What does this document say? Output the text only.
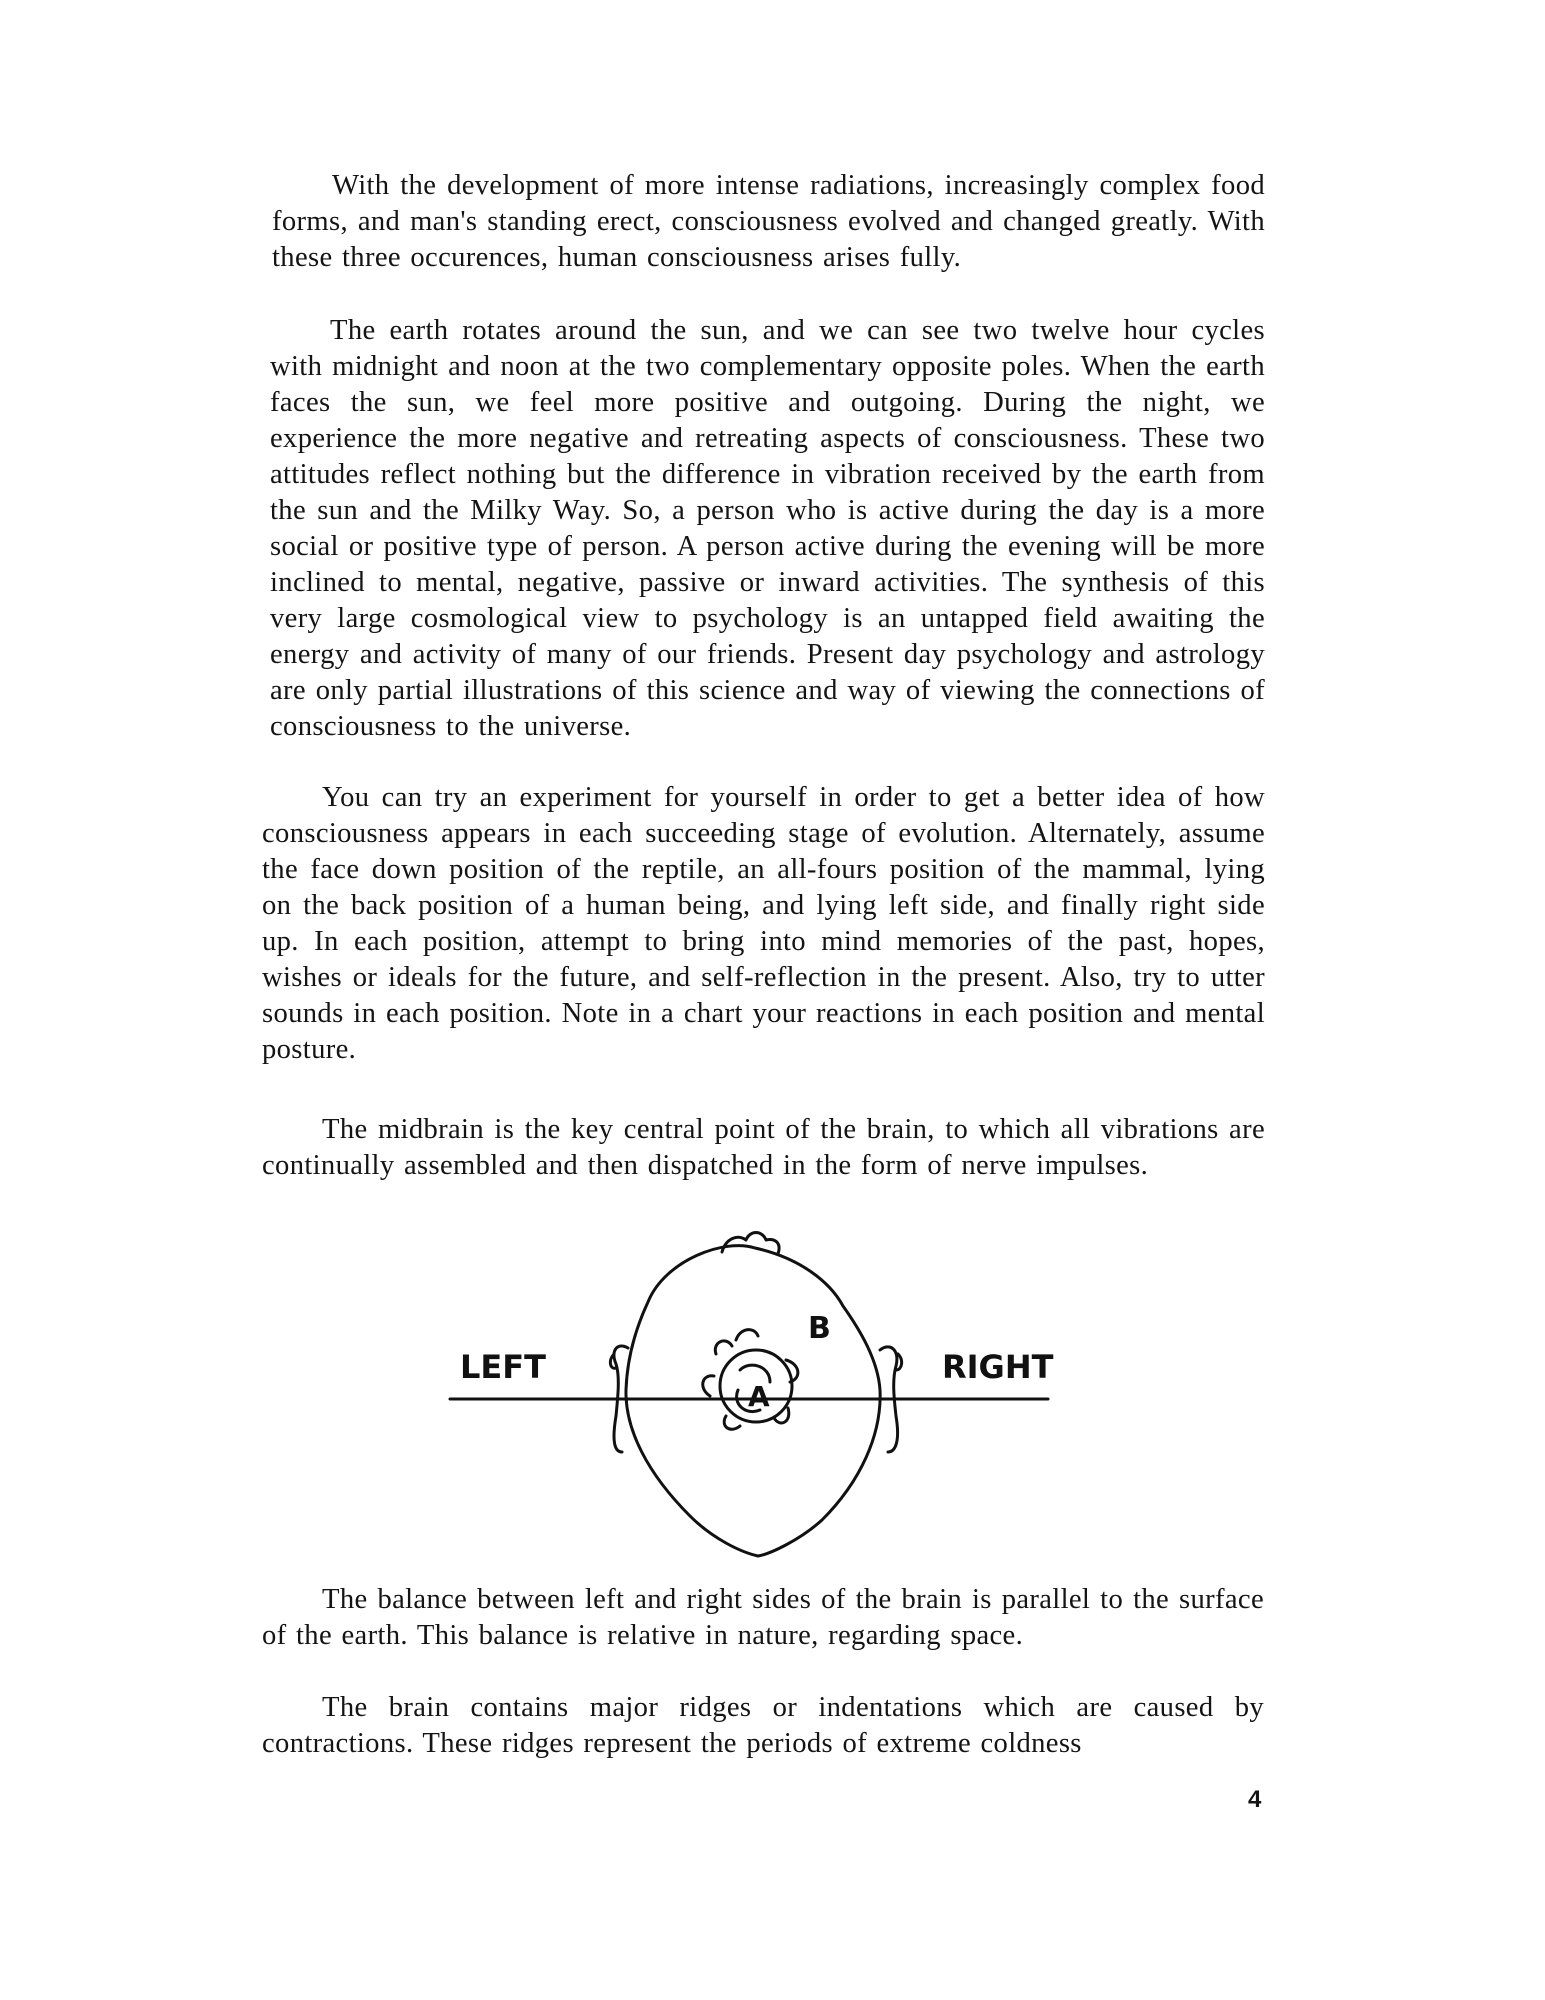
With the development of more intense radiations, increasingly complex food forms, and man's standing erect, consciousness evolved and changed greatly. With these three occurences, human consciousness arises fully.

The earth rotates around the sun, and we can see two twelve hour cycles with midnight and noon at the two complementary opposite poles. When the earth faces the sun, we feel more positive and outgoing. During the night, we experience the more negative and retreating aspects of consciousness. These two attitudes reflect nothing but the difference in vibration received by the earth from the sun and the Milky Way. So, a person who is active during the day is a more social or positive type of person. A person active during the evening will be more inclined to mental, negative, passive or inward activities. The synthesis of this very large cosmological view to psychology is an untapped field awaiting the energy and activity of many of our friends. Present day psychology and astrology are only partial illustrations of this science and way of viewing the connections of consciousness to the universe.

You can try an experiment for yourself in order to get a better idea of how consciousness appears in each succeeding stage of evolution. Alternately, assume the face down position of the reptile, an all-fours position of the mammal, lying on the back position of a human being, and lying left side, and finally right side up. In each position, attempt to bring into mind memories of the past, hopes, wishes or ideals for the future, and self-reflection in the present. Also, try to utter sounds in each position. Note in a chart your reactions in each position and mental posture.

The midbrain is the key central point of the brain, to which all vibrations are continually assembled and then dispatched in the form of nerve impulses.

LEFT	RIGHT
A
B

The balance between left and right sides of the brain is parallel to the surface of the earth. This balance is relative in nature, regarding space.

The brain contains major ridges or indentations which are caused by contractions. These ridges represent the periods of extreme coldness

4
